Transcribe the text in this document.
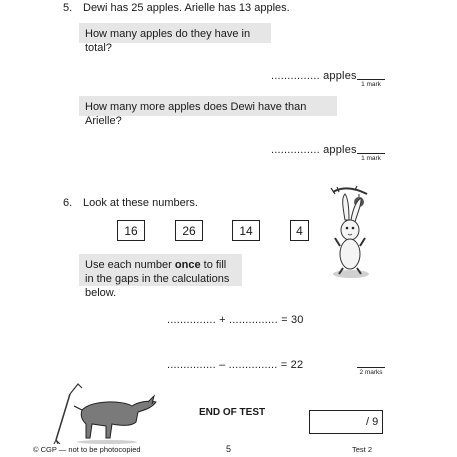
5. Dewi has 25 apples. Arielle has 13 apples.
How many apples do they have in total?
............... apples
1 mark
How many more apples does Dewi have than Arielle?
............... apples
1 mark
6. Look at these numbers.
16	26	14	4
Use each number once to fill in the gaps in the calculations below.
............... + ............... = 30
............... – ............... = 22
2 marks
END OF TEST
/ 9
© CGP — not to be photocopied	5	Test 2
